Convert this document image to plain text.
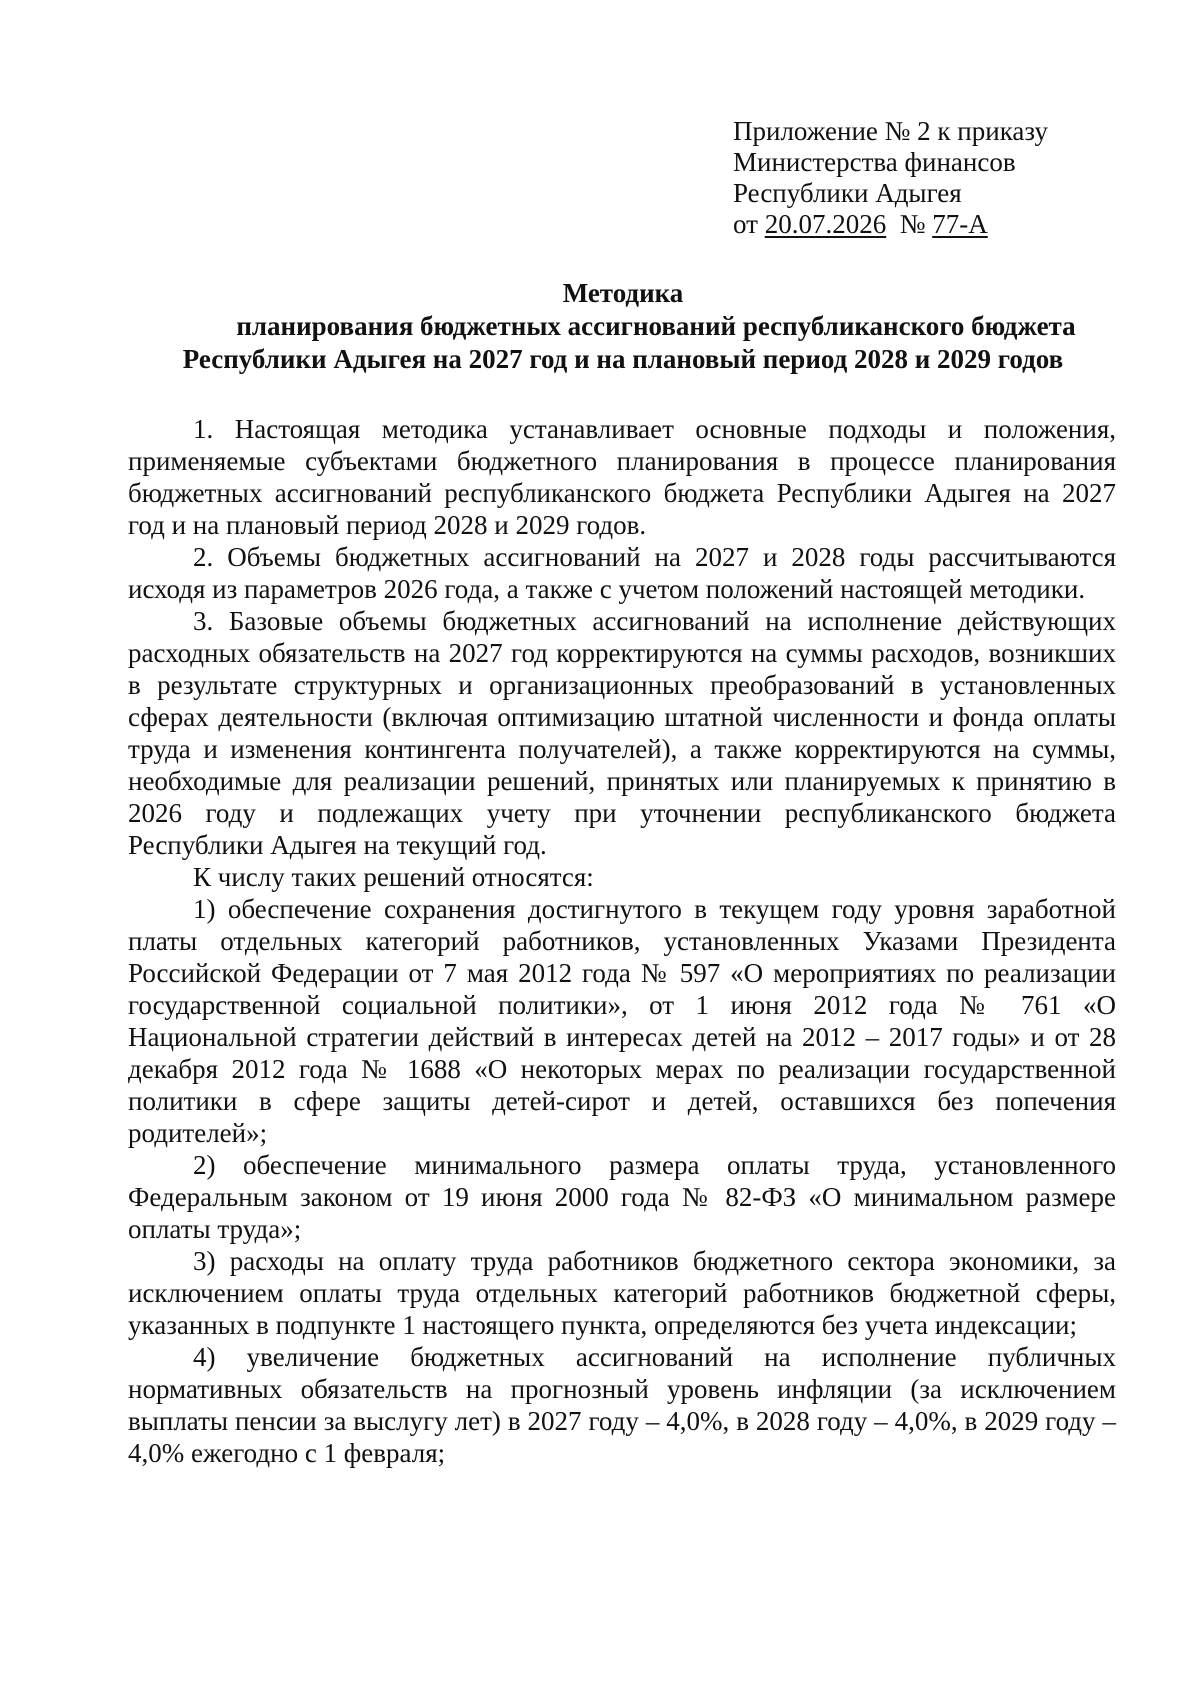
Приложение № 2 к приказу
Министерства финансов
Республики Адыгея
от 20.07.2026  № 77-А
Методика
планирования бюджетных ассигнований республиканского бюджета
Республики Адыгея на 2027 год и на плановый период 2028 и 2029 годов

1. Настоящая методика устанавливает основные подходы и положения, применяемые субъектами бюджетного планирования в процессе планирования бюджетных ассигнований республиканского бюджета Республики Адыгея на 2027 год и на плановый период 2028 и 2029 годов.

2. Объемы бюджетных ассигнований на 2027 и 2028 годы рассчитываются исходя из параметров 2026 года, а также с учетом положений настоящей методики.

3. Базовые объемы бюджетных ассигнований на исполнение действующих расходных обязательств на 2027 год корректируются на суммы расходов, возникших в результате структурных и организационных преобразований в установленных сферах деятельности (включая оптимизацию штатной численности и фонда оплаты труда и изменения контингента получателей), а также корректируются на суммы, необходимые для реализации решений, принятых или планируемых к принятию в 2026 году и подлежащих учету при уточнении республиканского бюджета Республики Адыгея на текущий год.

К числу таких решений относятся:

1) обеспечение сохранения достигнутого в текущем году уровня заработной платы отдельных категорий работников, установленных Указами Президента Российской Федерации от 7 мая 2012 года № 597 «О мероприятиях по реализации государственной социальной политики», от 1 июня 2012 года № 761 «О Национальной стратегии действий в интересах детей на 2012 – 2017 годы» и от 28 декабря 2012 года № 1688 «О некоторых мерах по реализации государственной политики в сфере защиты детей-сирот и детей, оставшихся без попечения родителей»;

2) обеспечение минимального размера оплаты труда, установленного Федеральным законом от 19 июня 2000 года № 82-ФЗ «О минимальном размере оплаты труда»;

3) расходы на оплату труда работников бюджетного сектора экономики, за исключением оплаты труда отдельных категорий работников бюджетной сферы, указанных в подпункте 1 настоящего пункта, определяются без учета индексации;

4) увеличение бюджетных ассигнований на исполнение публичных нормативных обязательств на прогнозный уровень инфляции (за исключением выплаты пенсии за выслугу лет) в 2027 году – 4,0%, в 2028 году – 4,0%, в 2029 году – 4,0% ежегодно с 1 февраля;
